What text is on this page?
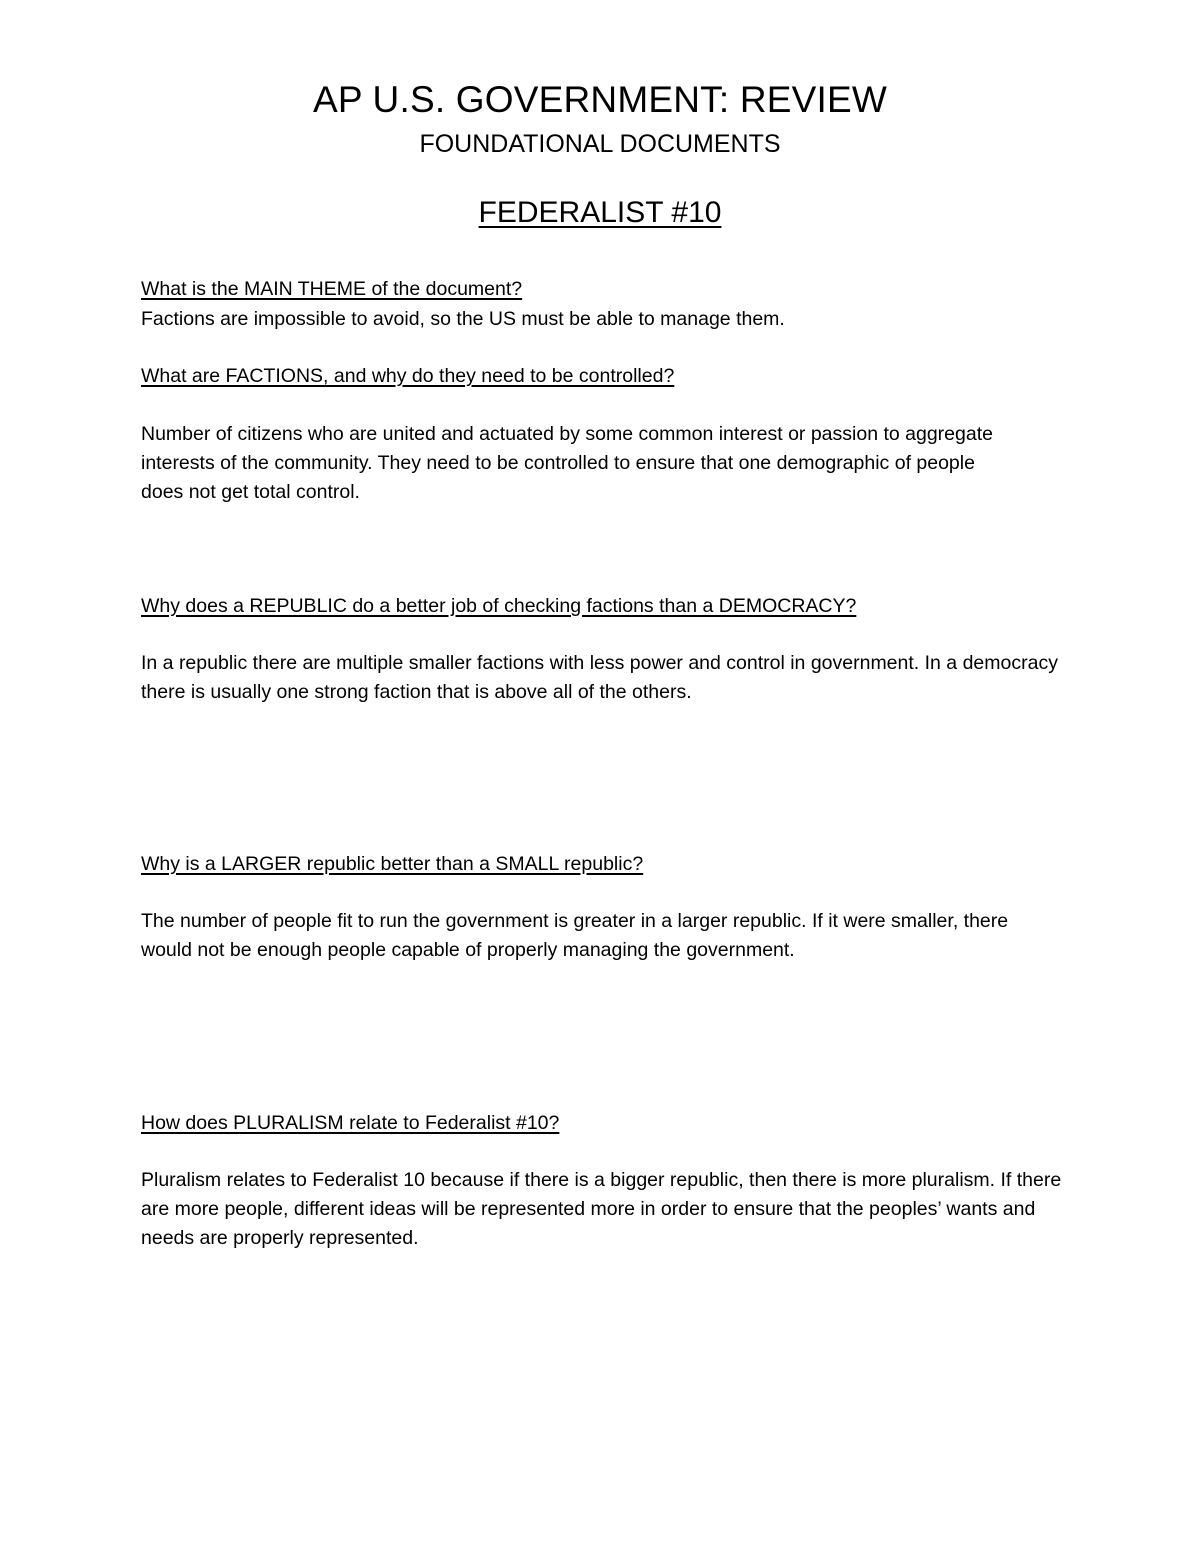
AP U.S. GOVERNMENT: REVIEW
FOUNDATIONAL DOCUMENTS
FEDERALIST #10
What is the MAIN THEME of the document?
Factions are impossible to avoid, so the US must be able to manage them.
What are FACTIONS, and why do they need to be controlled?
Number of citizens who are united and actuated by some common interest or passion to aggregate interests of the community. They need to be controlled to ensure that one demographic of people does not get total control.
Why does a REPUBLIC do a better job of checking factions than a DEMOCRACY?
In a republic there are multiple smaller factions with less power and control in government. In a democracy there is usually one strong faction that is above all of the others.
Why is a LARGER republic better than a SMALL republic?
The number of people fit to run the government is greater in a larger republic. If it were smaller, there would not be enough people capable of properly managing the government.
How does PLURALISM relate to Federalist #10?
Pluralism relates to Federalist 10 because if there is a bigger republic, then there is more pluralism. If there are more people, different ideas will be represented more in order to ensure that the peoples’ wants and needs are properly represented.
